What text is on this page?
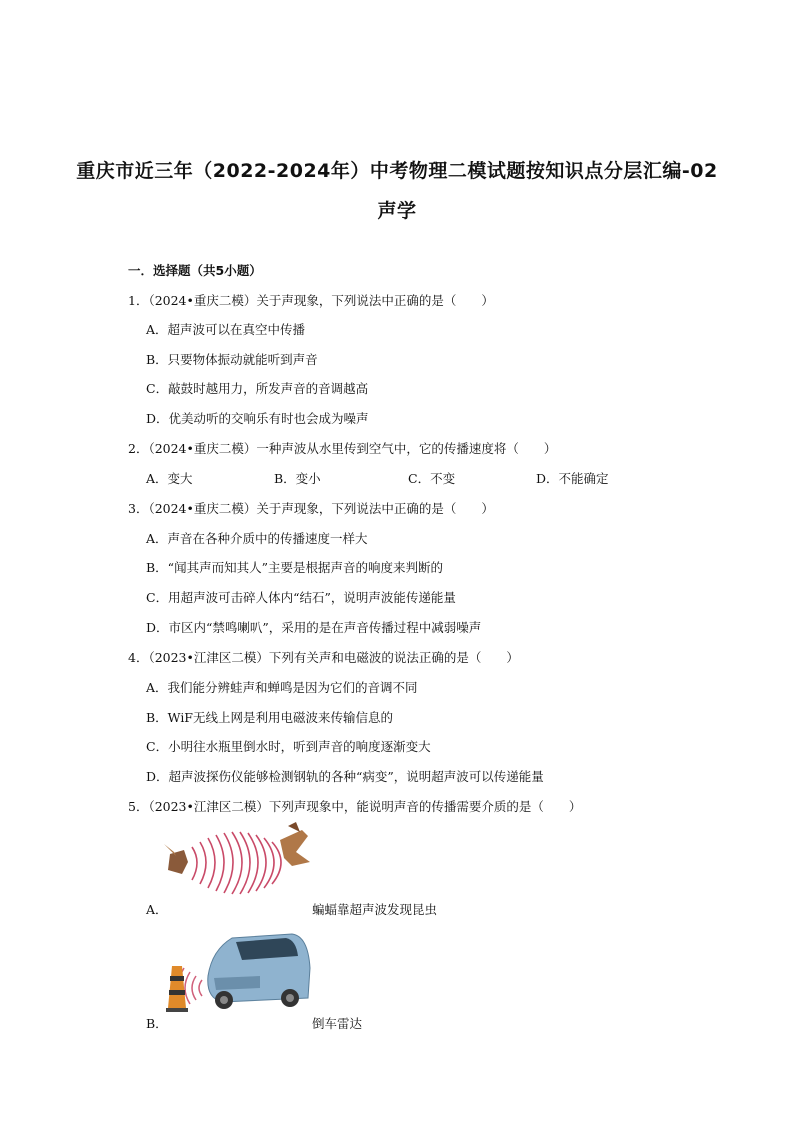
重庆市近三年（2022-2024年）中考物理二模试题按知识点分层汇编-02
声学
一．选择题（共5小题）
1．（2024•重庆二模）关于声现象，下列说法中正确的是（　　）
A．超声波可以在真空中传播
B．只要物体振动就能听到声音
C．敲鼓时越用力，所发声音的音调越高
D．优美动听的交响乐有时也会成为噪声
2．（2024•重庆二模）一种声波从水里传到空气中，它的传播速度将（　　）
A．变大	B．变小	C．不变	D．不能确定
3．（2024•重庆二模）关于声现象，下列说法中正确的是（　　）
A．声音在各种介质中的传播速度一样大
B．“闻其声而知其人”主要是根据声音的响度来判断的
C．用超声波可击碎人体内“结石”，说明声波能传递能量
D．市区内“禁鸣喇叭”，采用的是在声音传播过程中减弱噪声
4．（2023•江津区二模）下列有关声和电磁波的说法正确的是（　　）
A．我们能分辨蛙声和蝉鸣是因为它们的音调不同
B．WiF无线上网是利用电磁波来传输信息的
C．小明往水瓶里倒水时，听到声音的响度逐渐变大
D．超声波探伤仪能够检测钢轨的各种“病变”，说明超声波可以传递能量
5．（2023•江津区二模）下列声现象中，能说明声音的传播需要介质的是（　　）
A．	蝙蝠靠超声波发现昆虫
B．	倒车雷达
